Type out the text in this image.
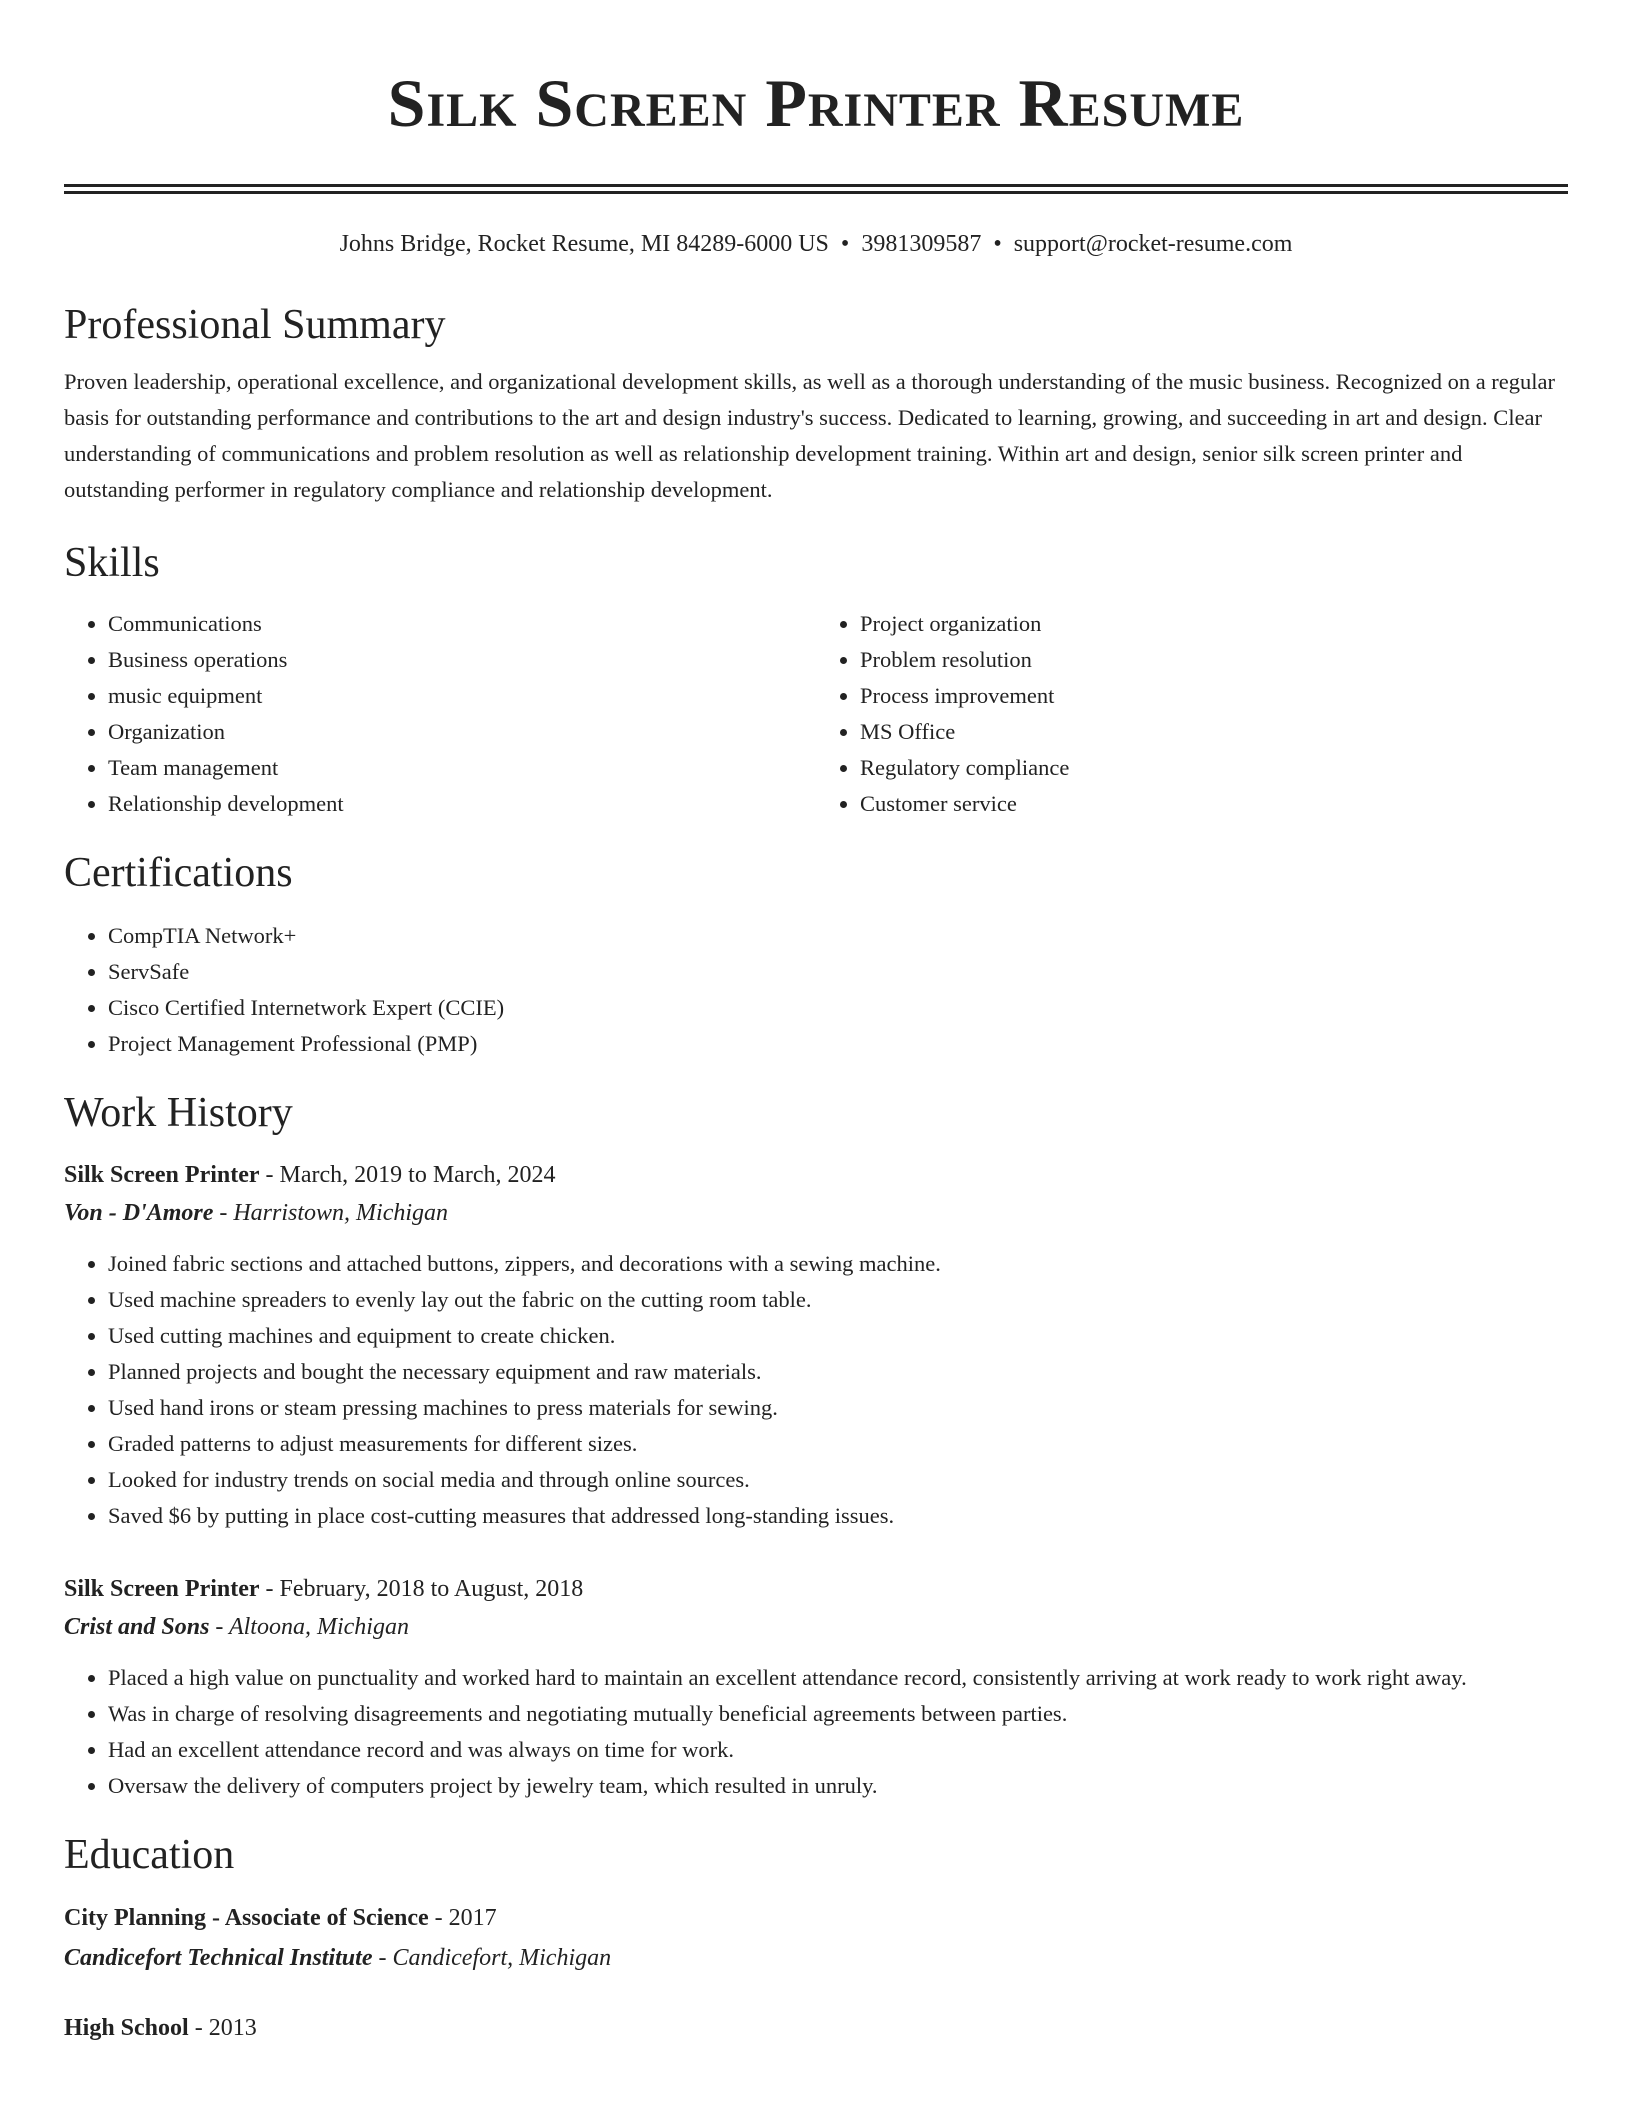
Silk Screen Printer Resume
Johns Bridge, Rocket Resume, MI 84289-6000 US • 3981309587 • support@rocket-resume.com
Professional Summary

Proven leadership, operational excellence, and organizational development skills, as well as a thorough understanding of the music business. Recognized on a regular basis for outstanding performance and contributions to the art and design industry's success. Dedicated to learning, growing, and succeeding in art and design. Clear understanding of communications and problem resolution as well as relationship development training. Within art and design, senior silk screen printer and outstanding performer in regulatory compliance and relationship development.

Skills
• Communications
• Business operations
• music equipment
• Organization
• Team management
• Relationship development
• Project organization
• Problem resolution
• Process improvement
• MS Office
• Regulatory compliance
• Customer service
Certifications
• CompTIA Network+
• ServSafe
• Cisco Certified Internetwork Expert (CCIE)
• Project Management Professional (PMP)
Work History
Silk Screen Printer - March, 2019 to March, 2024
Von - D'Amore - Harristown, Michigan
• Joined fabric sections and attached buttons, zippers, and decorations with a sewing machine.
• Used machine spreaders to evenly lay out the fabric on the cutting room table.
• Used cutting machines and equipment to create chicken.
• Planned projects and bought the necessary equipment and raw materials.
• Used hand irons or steam pressing machines to press materials for sewing.
• Graded patterns to adjust measurements for different sizes.
• Looked for industry trends on social media and through online sources.
• Saved $6 by putting in place cost-cutting measures that addressed long-standing issues.
Silk Screen Printer - February, 2018 to August, 2018
Crist and Sons - Altoona, Michigan
• Placed a high value on punctuality and worked hard to maintain an excellent attendance record, consistently arriving at work ready to work right away.
• Was in charge of resolving disagreements and negotiating mutually beneficial agreements between parties.
• Had an excellent attendance record and was always on time for work.
• Oversaw the delivery of computers project by jewelry team, which resulted in unruly.
Education
City Planning - Associate of Science - 2017
Candicefort Technical Institute - Candicefort, Michigan
High School - 2013
